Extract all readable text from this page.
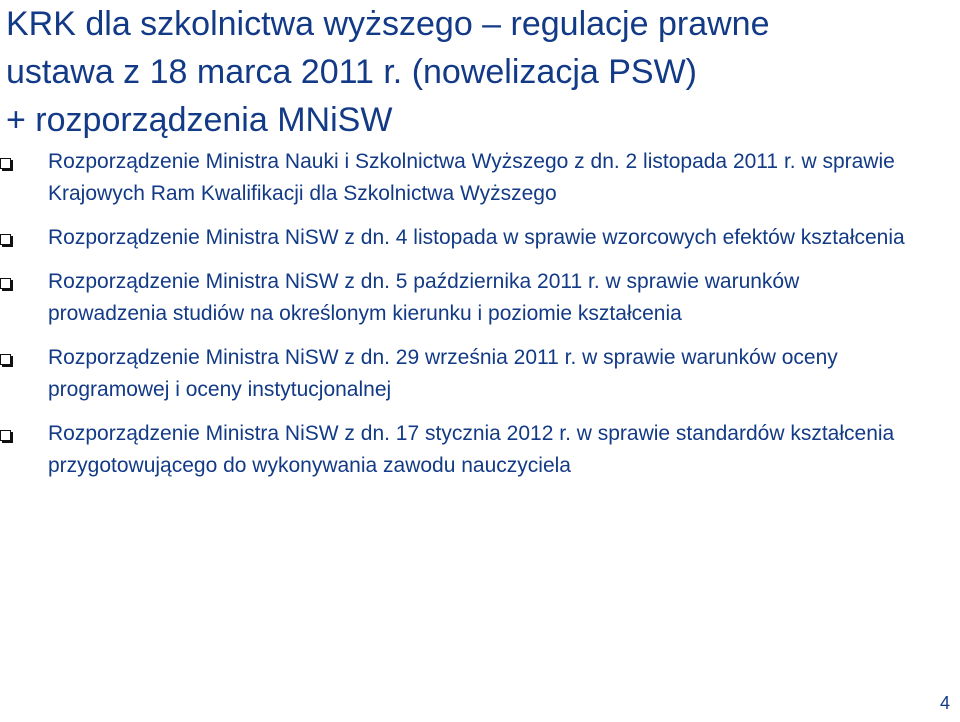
KRK dla szkolnictwa wyższego – regulacje prawne
ustawa z 18 marca 2011 r. (nowelizacja PSW)
+ rozporządzenia MNiSW
Rozporządzenie Ministra Nauki i Szkolnictwa Wyższego z dn. 2 listopada 2011 r. w sprawie Krajowych Ram Kwalifikacji dla Szkolnictwa Wyższego
Rozporządzenie Ministra NiSW z dn. 4 listopada w sprawie wzorcowych efektów kształcenia
Rozporządzenie Ministra NiSW z dn. 5 października 2011 r. w sprawie warunków prowadzenia studiów na określonym kierunku i poziomie kształcenia
Rozporządzenie Ministra NiSW z dn. 29 września 2011 r. w sprawie warunków oceny programowej i oceny instytucjonalnej
Rozporządzenie Ministra NiSW z dn. 17 stycznia 2012 r. w sprawie standardów kształcenia przygotowującego do wykonywania zawodu nauczyciela
4
